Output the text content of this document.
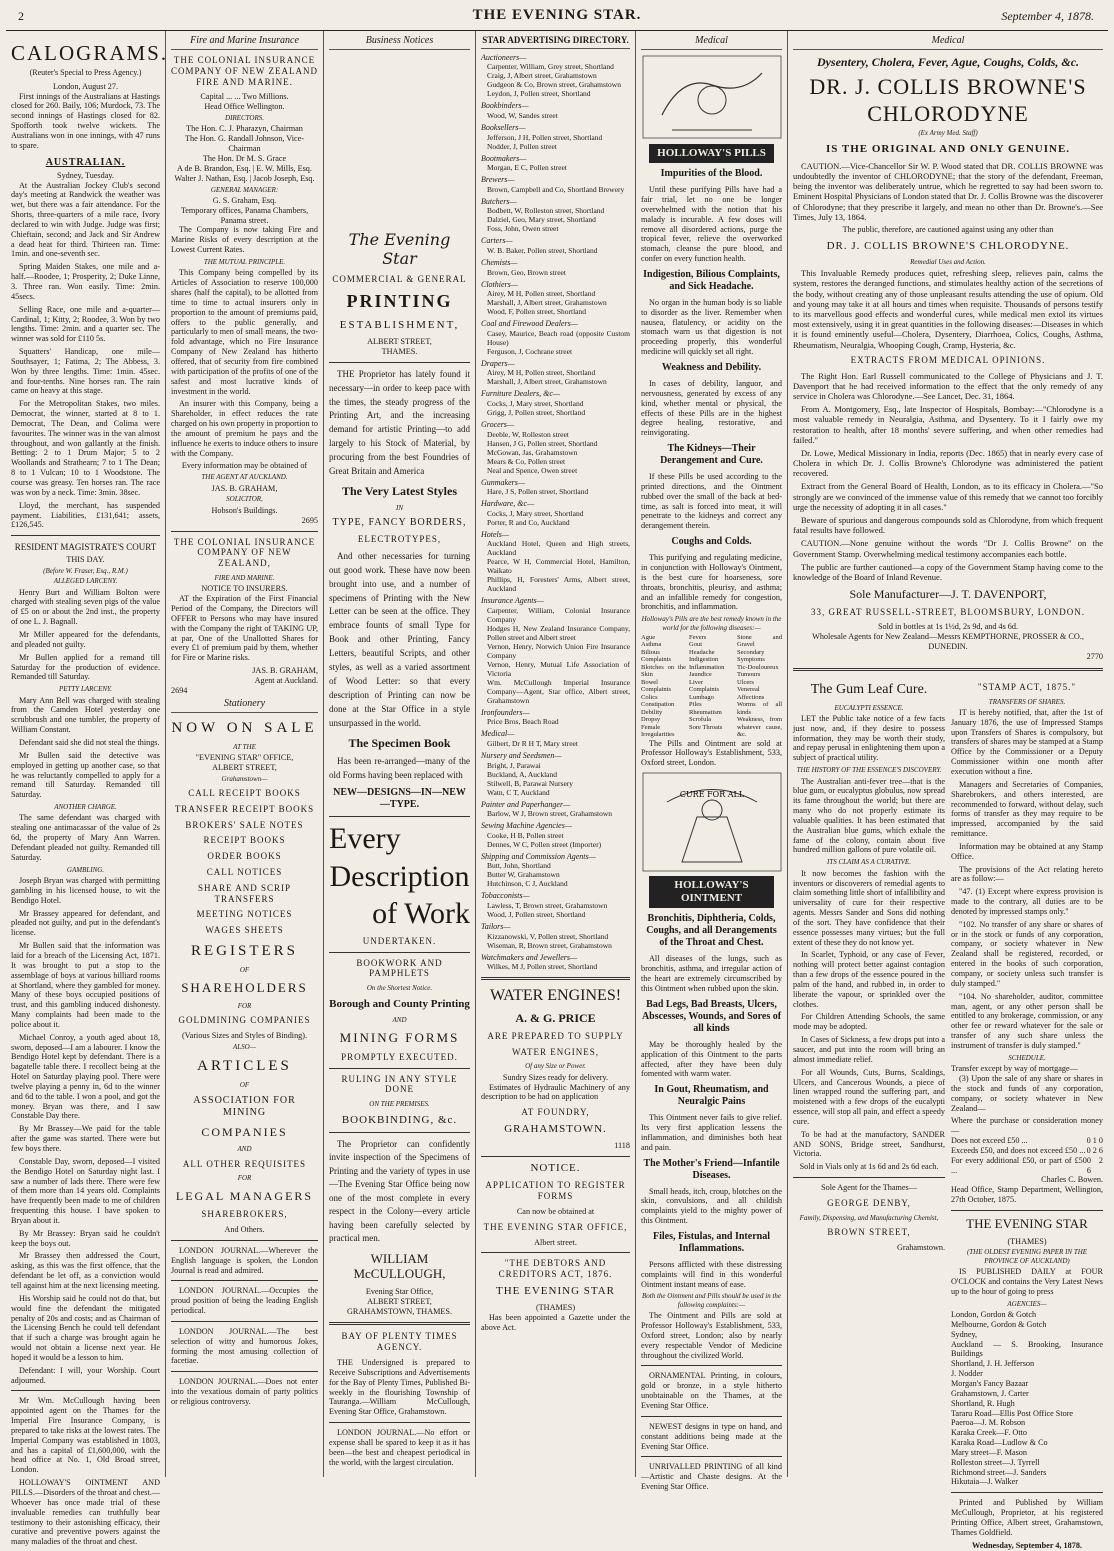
2	THE EVENING STAR.	September 4, 1878.
CALOGRAMS.
(Reuter's Special to Press Agency.)
London, August 27.

First innings of the Australians at Hastings closed for 260. Baily, 106; Murdock, 73. The second innings of Hastings closed for 82. Spofforth took twelve wickets. The Australians won in one innings, with 47 runs to spare.

AUSTRALIAN.
Sydney, Tuesday.

At the Australian Jockey Club's second day's meeting at Randwick the weather was wet, but there was a fair attendance. For the Shorts, three-quarters of a mile race, Ivory declared to win with Judge. Judge was first; Chieftain, second; and Jack and Sir Andrew a dead heat for third. Thirteen ran. Time: 1min. and one-seventh sec.

Spring Maiden Stakes, one mile and a-half.—Roodee, 1; Prosperity, 2; Duke Linne, 3. Three ran. Won easily. Time: 2min. 45secs.

Selling Race, one mile and a-quarter—Cardinal, 1; Kitty, 2; Roodee, 3. Won by two lengths. Time: 2min. and a quarter sec. The winner was sold for £110 5s.

Squatters' Handicap, one mile—Southsayer, 1; Fatima, 2; The Abbess, 3. Won by three lengths. Time: 1min. 45sec. and four-tenths. Nine horses ran. The rain came on heavy at this stage.

For the Metropolitan Stakes, two miles. Democrat, the winner, started at 8 to 1. Democrat, The Dean, and Colima were favourites. The winner was in the van almost throughout, and won gallantly at the finish. Betting: 2 to 1 Drum Major; 5 to 2 Woollands and Strathearn; 7 to 1 The Dean; 8 to 1 Vulcan; 10 to 1 Woodstone. The course was greasy. Ten horses ran. The race was won by a neck. Time: 3min. 38sec.

Lloyd, the merchant, has suspended payment. Liabilities, £131,641; assets, £126,545.

RESIDENT MAGISTRATE'S COURT
THIS DAY.
(Before W. Fraser, Esq., R.M.)
ALLEGED LARCENY.

Henry Burt and William Bolton were charged with stealing seven pigs of the value of £5 on or about the 2nd inst., the property of one L. J. Bagnall.

Mr Miller appeared for the defendants, and pleaded not guilty.

Mr Bullen applied for a remand till Saturday for the production of evidence. Remanded till Saturday.

PETTY LARCENY.

Mary Ann Bell was charged with stealing from the Camden Hotel yesterday one scrubbrush and one tumbler, the property of William Constant.

Defendant said she did not steal the things.

Mr Bullen said the detective was employed in getting up another case, so that he was reluctantly compelled to apply for a remand till Saturday. Remanded till Saturday.

ANOTHER CHARGE.

The same defendant was charged with stealing one antimacassar of the value of 2s 6d, the property of Mary Ann Warren. Defendant pleaded not guilty. Remanded till Saturday.

GAMBLING.

Joseph Bryan was charged with permitting gambling in his licensed house, to wit the Bendigo Hotel.

Mr Brassey appeared for defendant, and pleaded not guilty, and put in the defendant's license.

Mr Bullen said that the information was laid for a breach of the Licensing Act, 1871. It was brought to put a stop to the assemblage of boys at various billiard rooms at Shortland, where they gambled for money. Many of these boys occupied positions of trust, and this gambling induced dishonesty. Many complaints had been made to the police about it.

Michael Conroy, a youth aged about 18, sworn, deposed—I am a labourer. I know the Bendigo Hotel kept by defendant. There is a bagatelle table there. I recollect being at the Hotel on Saturday playing pool. There were twelve playing a penny in, 6d to the winner and 6d to the table. I won a pool, and got the money. Bryan was there, and I saw Constable Day there.

By Mr Brassey—We paid for the table after the game was started. There were but few boys there.

Constable Day, sworn, deposed—I visited the Bendigo Hotel on Saturday night last. I saw a number of lads there. There were few of them more than 14 years old. Complaints have frequently been made to me of children frequenting this house. I have spoken to Bryan about it.

By Mr Brassey: Bryan said he couldn't keep the boys out.

Mr Brassey then addressed the Court, asking, as this was the first offence, that the defendant be let off, as a conviction would tell against him at the next licensing meeting.

His Worship said he could not do that, but would fine the defendant the mitigated penalty of 20s and costs; and as Chairman of the Licensing Bench he could tell defendant that if such a charge was brought again he would not obtain a license next year. He hoped it would be a lesson to him.

Defendant: I will, your Worship. Court adjourned.

Mr Wm. McCullough having been appointed agent on the Thames for the Imperial Fire Insurance Company, is prepared to take risks at the lowest rates. The Imperial Company was established in 1803, and has a capital of £1,600,000, with the head office at No. 1, Old Broad street, London.

HOLLOWAY'S OINTMENT AND PILLS.—Disorders of the throat and chest.—Whoever has once made trial of these invaluable remedies can truthfully bear testimony to their astonishing efficacy, their curative and preventive powers against the many maladies of the throat and chest.

Fire and Marine Insurance
THE COLONIAL INSURANCE COMPANY OF NEW ZEALAND FIRE AND MARINE.
Capital ... ... Two Millions.
Head Office Wellington.
DIRECTORS.
The Hon. C. J. Pharazyn, Chairman
The Hon. G. Randall Johnson, Vice-Chairman
The Hon. Dr M. S. Grace
A de B. Brandon, Esq. | E. W. Mills, Esq.
Walter J. Nathan, Esq. | Jacob Joseph, Esq.
GENERAL MANAGER:
G. S. Graham, Esq.
Temporary offices, Panama Chambers, Panama street.

The Company is now taking Fire and Marine Risks of every description at the Lowest Current Rates.

THE MUTUAL PRINCIPLE.

This Company being compelled by its Articles of Association to reserve 100,000 shares (half the capital), to be allotted from time to time to actual insurers only in proportion to the amount of premiums paid, offers to the public generally, and particularly to men of small means, the two-fold advantage, which no Fire Insurance Company of New Zealand has hitherto offered, that of security from fire combined with participation of the profits of one of the safest and most lucrative kinds of investment in the world.

An insurer with this Company, being a Shareholder, in effect reduces the rate charged on his own property in proportion to the amount of premium he pays and the influence he exerts to induce others to insure with the Company.

Every information may be obtained of
THE AGENT AT AUCKLAND.
JAS. B. GRAHAM,
SOLICITOR,
Hobson's Buildings.
2695
THE COLONIAL INSURANCE COMPANY OF NEW ZEALAND,
FIRE AND MARINE.
NOTICE TO INSURERS.

AT the Expiration of the First Financial Period of the Company, the Directors will OFFER to Persons who may have insured with the Company the right of TAKING UP, at par, One of the Unallotted Shares for every £1 of premium paid by them, whether for Fire or Marine risks.

JAS. B. GRAHAM,
Agent at Auckland.
2694
Stationery
NOW ON SALE
AT THE
"EVENING STAR" OFFICE,
ALBERT STREET,
Grahamstown—
CALL RECEIPT BOOKS
TRANSFER RECEIPT BOOKS
BROKERS' SALE NOTES
RECEIPT BOOKS
ORDER BOOKS
CALL NOTICES
SHARE AND SCRIP TRANSFERS
MEETING NOTICES
WAGES SHEETS
REGISTERS
OF
SHAREHOLDERS
FOR
GOLDMINING COMPANIES
(Various Sizes and Styles of Binding).
ALSO—
ARTICLES
OF
ASSOCIATION FOR MINING
COMPANIES
AND
ALL OTHER REQUISITES
FOR
LEGAL MANAGERS
SHAREBROKERS,
And Others.

LONDON JOURNAL.—Wherever the English language is spoken, the London Journal is read and admired.

LONDON JOURNAL.—Occupies the proud position of being the leading English periodical.

LONDON JOURNAL.—The best selection of witty and humorous Jokes, forming the most amusing collection of facetiae.

LONDON JOURNAL.—Does not enter into the vexatious domain of party politics or religious controversy.

Business Notices
The Evening Star
COMMERCIAL & GENERAL
PRINTING
ESTABLISHMENT,
ALBERT STREET,
THAMES.

THE Proprietor has lately found it necessary—in order to keep pace with the times, the steady progress of the Printing Art, and the increasing demand for artistic Printing—to add largely to his Stock of Material, by procuring from the best Foundries of Great Britain and America

The Very Latest Styles
IN
TYPE, FANCY BORDERS,
ELECTROTYPES,

And other necessaries for turning out good work. These have now been brought into use, and a number of specimens of Printing with the New Letter can be seen at the office. They embrace founts of small Type for Book and other Printing, Fancy Letters, beautiful Scripts, and other styles, as well as a varied assortment of Wood Letter: so that every description of Printing can now be done at the Star Office in a style unsurpassed in the world.

The Specimen Book

Has been re-arranged—many of the old Forms having been replaced with

NEW—DESIGNS—IN—NEW—TYPE.
Every
Description
of Work
UNDERTAKEN.
BOOKWORK AND PAMPHLETS
On the Shortest Notice.
Borough and County Printing
AND
MINING FORMS
PROMPTLY EXECUTED.
RULING IN ANY STYLE DONE
ON THE PREMISES.
BOOKBINDING, &c.

The Proprietor can confidently invite inspection of the Specimens of Printing and the variety of types in use—The Evening Star Office being now one of the most complete in every respect in the Colony—every article having been carefully selected by practical men.

WILLIAM McCULLOUGH,
Evening Star Office,
ALBERT STREET,
GRAHAMSTOWN, THAMES.
BAY OF PLENTY TIMES AGENCY.

THE Undersigned is prepared to Receive Subscriptions and Advertisements for the Bay of Plenty Times, Published Bi-weekly in the flourishing Township of Tauranga.—William McCullough, Evening Star Office, Grahamstown.

LONDON JOURNAL.—No effort or expense shall be spared to keep it as it has been—the best and cheapest periodical in the world, with the largest circulation.

STAR ADVERTISING DIRECTORY.
Auctioneers—
Carpenter, William, Grey street, Shortland
Craig, J, Albert street, Grahamstown
Gudgeon & Co, Brown street, Grahamstown
Leydon, J, Pollen street, Shortland
Bookbinders—
Wood, W, Sandes street
Booksellers—
Jefferson, J H, Pollen street, Shortland
Nodder, J, Pollen street
Bootmakers—
Morgan, E C, Pollen street
Brewers—
Brown, Campbell and Co, Shortland Brewery
Butchers—
Bodbett, W, Rolleston street, Shortland
Dalziel, Geo, Mary street, Shortland
Foss, John, Owen street
Carters—
W. B. Baker, Pollen street, Shortland
Chemists—
Brown, Geo, Brown street
Clothiers—
Airey, M H, Pollen street, Shortland
Marshall, J, Albert street, Grahamstown
Wood, F, Pollen street, Shortland
Coal and Firewood Dealers—
Casey, Maurice, Beach road (opposite Custom House)
Ferguson, J, Cochrane street
Drapers—
Airey, M H, Pollen street, Shortland
Marshall, J, Albert street, Grahamstown
Furniture Dealers, &c—
Cocks, J, Mary street, Shortland
Grigg, J, Pollen street, Shortland
Grocers—
Deeble, W, Rolleston street
Hansen, J G, Pollen street, Shortland
McGowan, Jas, Grahamstown
Mears & Co, Pollen street
Neal and Spence, Owen street
Gunmakers—
Hare, J S, Pollen street, Shortland
Hardware, &c—
Cocks, J, Mary street, Shortland
Porter, R and Co, Auckland
Hotels—
Auckland Hotel, Queen and High streets, Auckland
Pearce, W H, Commercial Hotel, Hamilton, Waikato
Phillips, H, Foresters' Arms, Albert street, Auckland
Insurance Agents—
Carpenter, William, Colonial Insurance Company
Hodges H, New Zealand Insurance Company, Pollen street and Albert street
Vernon, Henry, Norwich Union Fire Insurance Company
Vernon, Henry, Mutual Life Association of Victoria
Wm. McCullough Imperial Insurance Company—Agent, Star office, Albert street, Grahamstown
Ironfounders—
Price Bros, Beach Road
Medical—
Gilbert, Dr R H T, Mary street
Nursery and Seedsmen—
Bright, J, Parawai
Buckland, A, Auckland
Stilwell, B, Parawai Nursery
Watn, C T, Auckland
Painter and Paperhanger—
Barlow, W J, Brown street, Grahamstown
Sewing Machine Agencies—
Cooke, H B, Pollen street
Dennes, W C, Pollen street (Importer)
Shipping and Commission Agents—
Butt, John, Shortland
Butter W, Grahamstown
Hutchinson, C J, Auckland
Tobacconists—
Lawless, T, Brown street, Grahamstown
Wood, J, Pollen street, Shortland
Tailors—
Kizzanowski, V, Pollen street, Shortland
Wiseman, R, Brown street, Grahamstown
Watchmakers and Jewellers—
Wilkes, M J, Pollen street, Shortland
WATER ENGINES!
A. & G. PRICE
ARE PREPARED TO SUPPLY
WATER ENGINES,
Of any Size or Power.
Sundry Sizes ready for delivery.

Estimates of Hydraulic Machinery of any description to be had on application

AT FOUNDRY,
GRAHAMSTOWN.
1118
NOTICE.
APPLICATION TO REGISTER FORMS
Can now be obtained at
THE EVENING STAR OFFICE,
Albert street.
"THE DEBTORS AND CREDITORS ACT, 1876.
THE EVENING STAR
(THAMES)

Has been appointed a Gazette under the above Act.

Medical
HOLLOWAY'S PILLS
Impurities of the Blood.

Until these purifying Pills have had a fair trial, let no one be longer overwhelmed with the notion that his malady is incurable. A few doses will remove all disordered actions, purge the tropical fever, relieve the overworked stomach, cleanse the pure blood, and confer on every function health.

Indigestion, Bilious Complaints, and Sick Headache.

No organ in the human body is so liable to disorder as the liver. Remember when nausea, flatulency, or acidity on the stomach warn us that digestion is not proceeding properly, this wonderful medicine will quickly set all right.

Weakness and Debility.

In cases of debility, languor, and nervousness, generated by excess of any kind, whether mental or physical, the effects of these Pills are in the highest degree healing, restorative, and reinvigorating.

The Kidneys—Their Derangement and Cure.

If these Pills be used according to the printed directions, and the Ointment rubbed over the small of the back at bed-time, as salt is forced into meat, it will penetrate to the kidneys and correct any derangement therein.

Coughs and Colds.

This purifying and regulating medicine, in conjunction with Holloway's Ointment, is the best cure for hoarseness, sore throats, bronchitis, pleurisy, and asthma; and an infallible remedy for congestion, bronchitis, and inflammation.

Holloway's Pills are the best remedy known in the world for the following diseases:—
Ague
Asthma
Bilious Complaints
Blotches on the Skin
Bowel Complaints
Colics
Constipation
Debility
Dropsy
Female Irregularities
Fevers
Gout
Headache
Indigestion
Inflammation
Jaundice
Liver Complaints
Lumbago
Piles
Rheumatism
Scrofula
Sore Throats
Stone and Gravel
Secondary Symptoms
Tic-Douloureux
Tumours
Ulcers
Venereal Affections
Worms of all kinds
Weakness, from whatever cause, &c.

The Pills and Ointment are sold at Professor Holloway's Establishment, 533, Oxford street, London.

CURE FOR ALL
HOLLOWAY'S OINTMENT
Bronchitis, Diphtheria, Colds, Coughs, and all Derangements of the Throat and Chest.

All diseases of the lungs, such as bronchitis, asthma, and irregular action of the heart are extremely circumscribed by this Ointment when rubbed upon the skin.

Bad Legs, Bad Breasts, Ulcers, Abscesses, Wounds, and Sores of all kinds

May be thoroughly healed by the application of this Ointment to the parts affected, after they have been duly fomented with warm water.

In Gout, Rheumatism, and Neuralgic Pains

This Ointment never fails to give relief. Its very first application lessens the inflammation, and diminishes both heat and pain.

The Mother's Friend—Infantile Diseases.

Small heads, itch, croup, blotches on the skin, convulsions, and all childish complaints yield to the mighty power of this Ointment.

Files, Fistulas, and Internal Inflammations.

Persons afflicted with these distressing complaints will find in this wonderful Ointment instant means of ease.

Both the Ointment and Pills should be used in the following complaints:—

The Ointment and Pills are sold at Professor Holloway's Establishment, 533, Oxford street, London; also by nearly every respectable Vendor of Medicine throughout the civilized World.

ORNAMENTAL Printing, in colours, gold or bronze, in a style hitherto unobtainable on the Thames, at the Evening Star Office.

NEWEST designs in type on hand, and constant additions being made at the Evening Star Office.

UNRIVALLED PRINTING of all kind—Artistic and Chaste designs. At the Evening Star Office.

Medical
Dysentery, Cholera, Fever, Ague, Coughs, Colds, &c.
DR. J. COLLIS BROWNE'S CHLORODYNE
(Ex Army Med. Staff)
IS THE ORIGINAL AND ONLY GENUINE.

CAUTION.—Vice-Chancellor Sir W. P. Wood stated that DR. COLLIS BROWNE was undoubtedly the inventor of CHLORODYNE; that the story of the defendant, Freeman, being the inventor was deliberately untrue, which he regretted to say had been sworn to. Eminent Hospital Physicians of London stated that Dr. J. Collis Browne was the discoverer of Chlorodyne; that they prescribe it largely, and mean no other than Dr. Browne's.—See Times, July 13, 1864.

The public, therefore, are cautioned against using any other than
DR. J. COLLIS BROWNE'S CHLORODYNE.
Remedial Uses and Action.

This Invaluable Remedy produces quiet, refreshing sleep, relieves pain, calms the system, restores the deranged functions, and stimulates healthy action of the secretions of the body, without creating any of those unpleasant results attending the use of opium. Old and young may take it at all hours and times when requisite. Thousands of persons testify to its marvellous good effects and wonderful cures, while medical men extol its virtues most extensively, using it in great quantities in the following diseases:—Diseases in which it is found eminently useful—Cholera, Dysentery, Diarrhoea, Colics, Coughs, Asthma, Rheumatism, Neuralgia, Whooping Cough, Cramp, Hysteria, &c.

EXTRACTS FROM MEDICAL OPINIONS.

The Right Hon. Earl Russell communicated to the College of Physicians and J. T. Davenport that he had received information to the effect that the only remedy of any service in Cholera was Chlorodyne.—See Lancet, Dec. 31, 1864.

From A. Montgomery, Esq., late Inspector of Hospitals, Bombay:—"Chlorodyne is a most valuable remedy in Neuralgia, Asthma, and Dysentery. To it I fairly owe my restoration to health, after 18 months' severe suffering, and when other remedies had failed."

Dr. Lowe, Medical Missionary in India, reports (Dec. 1865) that in nearly every case of Cholera in which Dr. J. Collis Browne's Chlorodyne was administered the patient recovered.

Extract from the General Board of Health, London, as to its efficacy in Cholera.—"So strongly are we convinced of the immense value of this remedy that we cannot too forcibly urge the necessity of adopting it in all cases."

Beware of spurious and dangerous compounds sold as Chlorodyne, from which frequent fatal results have followed.

CAUTION.—None genuine without the words "Dr J. Collis Browne" on the Government Stamp. Overwhelming medical testimony accompanies each bottle.

The public are further cautioned—a copy of the Government Stamp having come to the knowledge of the Board of Inland Revenue.

Sole Manufacturer—J. T. DAVENPORT,
33, GREAT RUSSELL-STREET, BLOOMSBURY, LONDON.
Sold in bottles at 1s 1½d, 2s 9d, and 4s 6d.
Wholesale Agents for New Zealand—Messrs KEMPTHORNE, PROSSER & CO., DUNEDIN.
2770
The Gum Leaf Cure.
EUCALYPTI ESSENCE.

LET the Public take notice of a few facts just now, and, if they desire to possess information, they may be worth their study, and repay perusal in enlightening them upon a subject of practical utility.

THE HISTORY OF THE ESSENCE'S DISCOVERY.

The Australian anti-fever tree—that is the blue gum, or eucalyptus globulus, now spread its fame throughout the world; but there are many who do not properly estimate its valuable qualities. It has been estimated that the Australian blue gums, which exhale the fame of the colony, contain about five hundred million gallons of pure volatile oil.

ITS CLAIM AS A CURATIVE.

It now becomes the fashion with the inventors or discoverers of remedial agents to claim something little short of infallibility and universality of cure for their respective agents. Messrs Sander and Sons did nothing of the sort. They have confidence that their essence possesses many virtues; but the full extent of these they do not know yet.

In Scarlet, Typhoid, or any case of Fever, nothing will protect better against contagion than a few drops of the essence poured in the palm of the hand, and rubbed in, in order to liberate the vapour, or sprinkled over the clothes.

For Children Attending Schools, the same mode may be adopted.

In Cases of Sickness, a few drops put into a saucer, and put into the room will bring an almost immediate relief.

For all Wounds, Cuts, Burns, Scaldings, Ulcers, and Cancerous Wounds, a piece of linen wrapped round the suffering part, and moistened with a few drops of the eucalypti essence, will stop all pain, and effect a speedy cure.

To be had at the manufactory, SANDER AND SONS, Bridge street, Sandhurst, Victoria.

Sold in Vials only at 1s 6d and 2s 6d each.
Sole Agent for the Thames—
GEORGE DENBY,
Family, Dispensing, and Manufacturing Chemist,
BROWN STREET,
Grahamstown.
"STAMP ACT, 1875."
TRANSFERS OF SHARES.

IT is hereby notified, that, after the 1st of January 1876, the use of Impressed Stamps upon Transfers of Shares is compulsory, but transfers of shares may be stamped at a Stamp Office by the Commissioner or a Deputy Commissioner within one month after execution without a fine.

Managers and Secretaries of Companies, Sharebrokers, and others interested, are recommended to forward, without delay, such forms of transfer as they may require to be impressed, accompanied by the said remittance.

Information may be obtained at any Stamp Office.

The provisions of the Act relating hereto are as follow:—

"47. (1) Except where express provision is made to the contrary, all duties are to be denoted by impressed stamps only."

"102. No transfer of any share or shares of or in the stock or funds of any corporation, company, or society whatever in New Zealand shall be registered, recorded, or entered in the books of such corporation, company, or society unless such transfer is duly stamped."

"104. No shareholder, auditor, committee man, agent, or any other person shall be entitled to any brokerage, commission, or any other fee or reward whatever for the sale or transfer of any such share unless the instrument of transfer is duly stamped."

SCHEDULE.
Transfer except by way of mortgage—

(3) Upon the sale of any share or shares in the stock and funds of any corporation, company, or society whatever in New Zealand—

Where the purchase or consideration money—
Does not exceed £50 ...	0 1 0
Exceeds £50, and does not exceed £50 ... 0 2 6
For every additional £50, or part of £50 ...
0 2 6
Charles C. Bowen.
Head Office, Stamp Department, Wellington, 27th October, 1875.
THE EVENING STAR
(THAMES)
(THE OLDEST EVENING PAPER IN THE PROVINCE OF AUCKLAND)

IS PUBLISHED DAILY at FOUR O'CLOCK and contains the Very Latest News up to the hour of going to press

AGENCIES—
London, Gordon & Gotch
Melbourne, Gordon & Gotch
Sydney,
Auckland — S. Brooking, Insurance Buildings
Shortland, J. H. Jefferson
J. Nodder
Morgan's Fancy Bazaar
Grahamstown, J. Carter
Shortland, R. Hugh
Tararu Road—Ellis Post Office Store
Paeroa—J. M. Robson
Karaka Creek—F. Otto
Karaka Road—Ludlow & Co
Mary street—F. Mason
Rolleston street—J. Tyrrell
Richmond street—J. Sanders
Hikutaia—J. Walker

Printed and Published by William McCullough, Proprietor, at his registered Printing Office, Albert street, Grahamstown, Thames Goldfield.

Wednesday, September 4, 1878.
